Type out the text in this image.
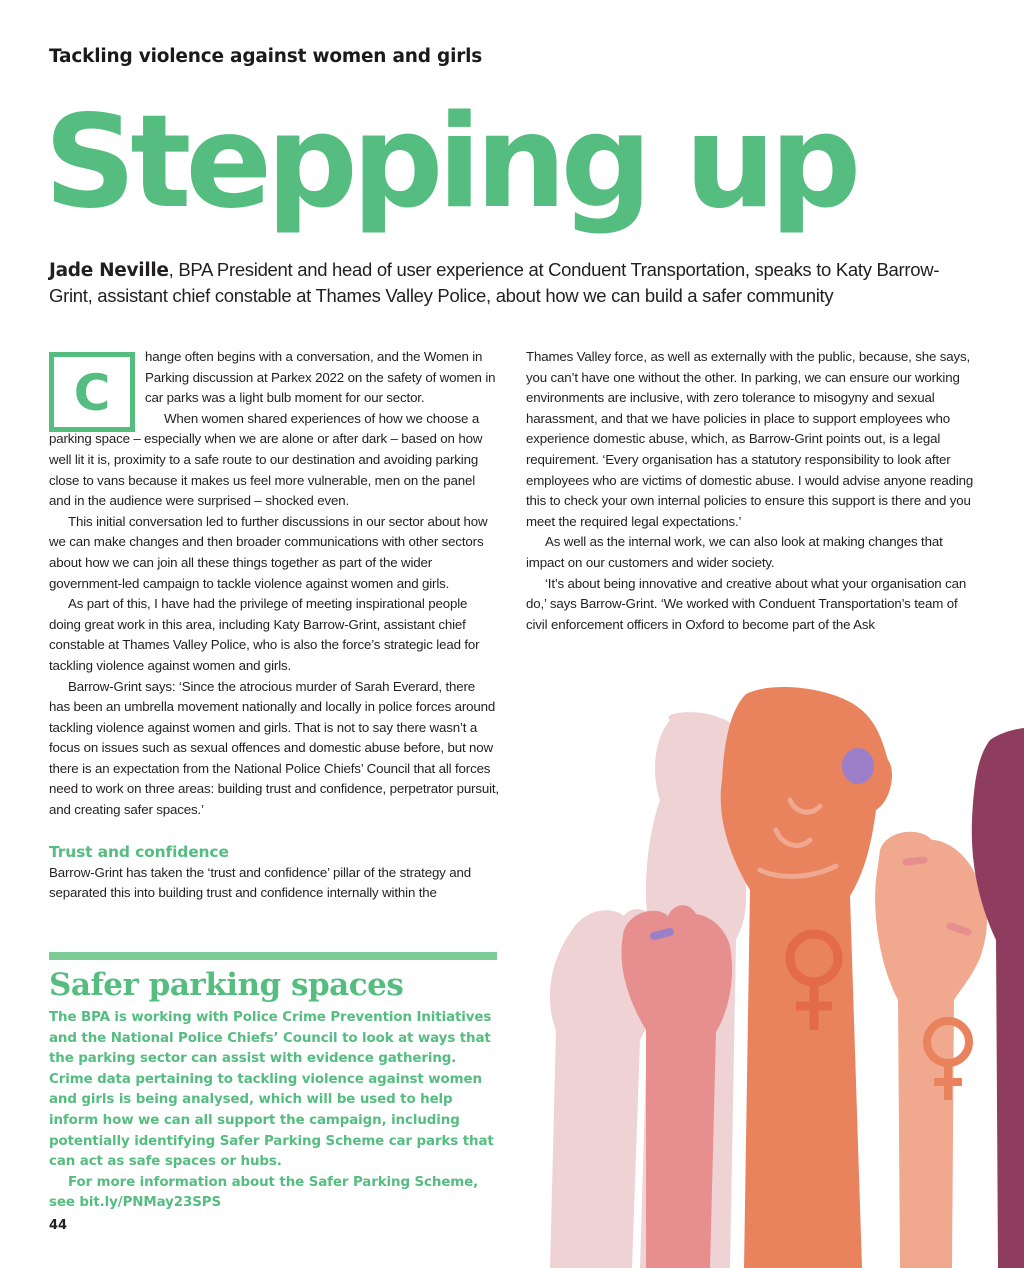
Tackling violence against women and girls
Stepping up
Jade Neville, BPA President and head of user experience at Conduent Transportation, speaks to Katy Barrow-Grint, assistant chief constable at Thames Valley Police, about how we can build a safer community
C

hange often begins with a conversation, and the Women in Parking discussion at Parkex 2022 on the safety of women in car parks was a light bulb moment for our sector.

When women shared experiences of how we choose a parking space – especially when we are alone or after dark – based on how well lit it is, proximity to a safe route to our destination and avoiding parking close to vans because it makes us feel more vulnerable, men on the panel and in the audience were surprised – shocked even.

This initial conversation led to further discussions in our sector about how we can make changes and then broader communications with other sectors about how we can join all these things together as part of the wider government-led campaign to tackle violence against women and girls.

As part of this, I have had the privilege of meeting inspirational people doing great work in this area, including Katy Barrow-Grint, assistant chief constable at Thames Valley Police, who is also the force’s strategic lead for tackling violence against women and girls.

Barrow-Grint says: ‘Since the atrocious murder of Sarah Everard, there has been an umbrella movement nationally and locally in police forces around tackling violence against women and girls. That is not to say there wasn’t a focus on issues such as sexual offences and domestic abuse before, but now there is an expectation from the National Police Chiefs’ Council that all forces need to work on three areas: building trust and confidence, perpetrator pursuit, and creating safer spaces.’

Trust and confidence

Barrow-Grint has taken the ‘trust and confidence’ pillar of the strategy and separated this into building trust and confidence internally within the

Thames Valley force, as well as externally with the public, because, she says, you can’t have one without the other. In parking, we can ensure our working environments are inclusive, with zero tolerance to misogyny and sexual harassment, and that we have policies in place to support employees who experience domestic abuse, which, as Barrow-Grint points out, is a legal requirement. ‘Every organisation has a statutory responsibility to look after employees who are victims of domestic abuse. I would advise anyone reading this to check your own internal policies to ensure this support is there and you meet the required legal expectations.’

As well as the internal work, we can also look at making changes that impact on our customers and wider society.

‘It’s about being innovative and creative about what your organisation can do,’ says Barrow-Grint. ‘We worked with Conduent Transportation’s team of civil enforcement officers in Oxford to become part of the Ask

Safer parking spaces

The BPA is working with Police Crime Prevention Initiatives and the National Police Chiefs’ Council to look at ways that the parking sector can assist with evidence gathering. Crime data pertaining to tackling violence against women and girls is being analysed, which will be used to help inform how we can all support the campaign, including potentially identifying Safer Parking Scheme car parks that can act as safe spaces or hubs.

For more information about the Safer Parking Scheme, see bit.ly/PNMay23SPS

44
